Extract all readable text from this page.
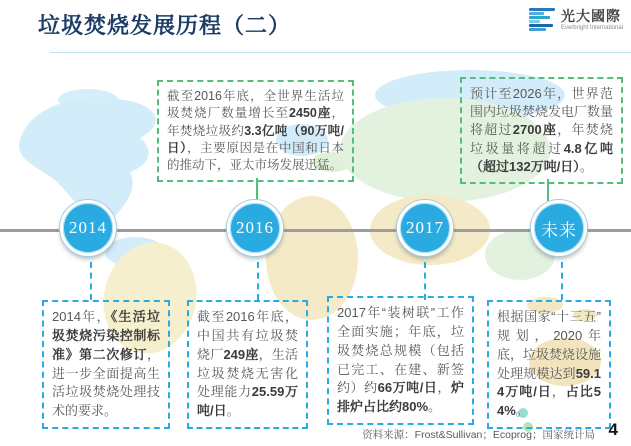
垃圾焚烧发展历程（二）	光大國際
Everbright International
2014	2016	2017	未来

截至2016年底，全世界生活垃圾焚烧厂数量增长至2450座，年焚烧垃圾约3.3亿吨（90万吨/日），主要原因是在中国和日本的推动下，亚太市场发展迅猛。

预计至2026年，世界范围内垃圾焚烧发电厂数量将超过2700座，年焚烧垃圾量将超过4.8亿吨（超过132万吨/日）。

2014年，《生活垃圾焚烧污染控制标准》第二次修订，进一步全面提高生活垃圾焚烧处理技术的要求。

截至2016年底，中国共有垃圾焚烧厂249座，生活垃圾焚烧无害化处理能力25.59万吨/日。

2017年“装树联”工作全面实施；年底，垃圾焚烧总规模（包括已完工、在建、新签约）约66万吨/日，炉排炉占比约80%。

根据国家“十三五”规划，2020年底，垃圾焚烧设施处理规模达到59.14万吨/日，占比54%。

资料来源：Frost&Sullivan；Ecoprog；国家统计局 4
